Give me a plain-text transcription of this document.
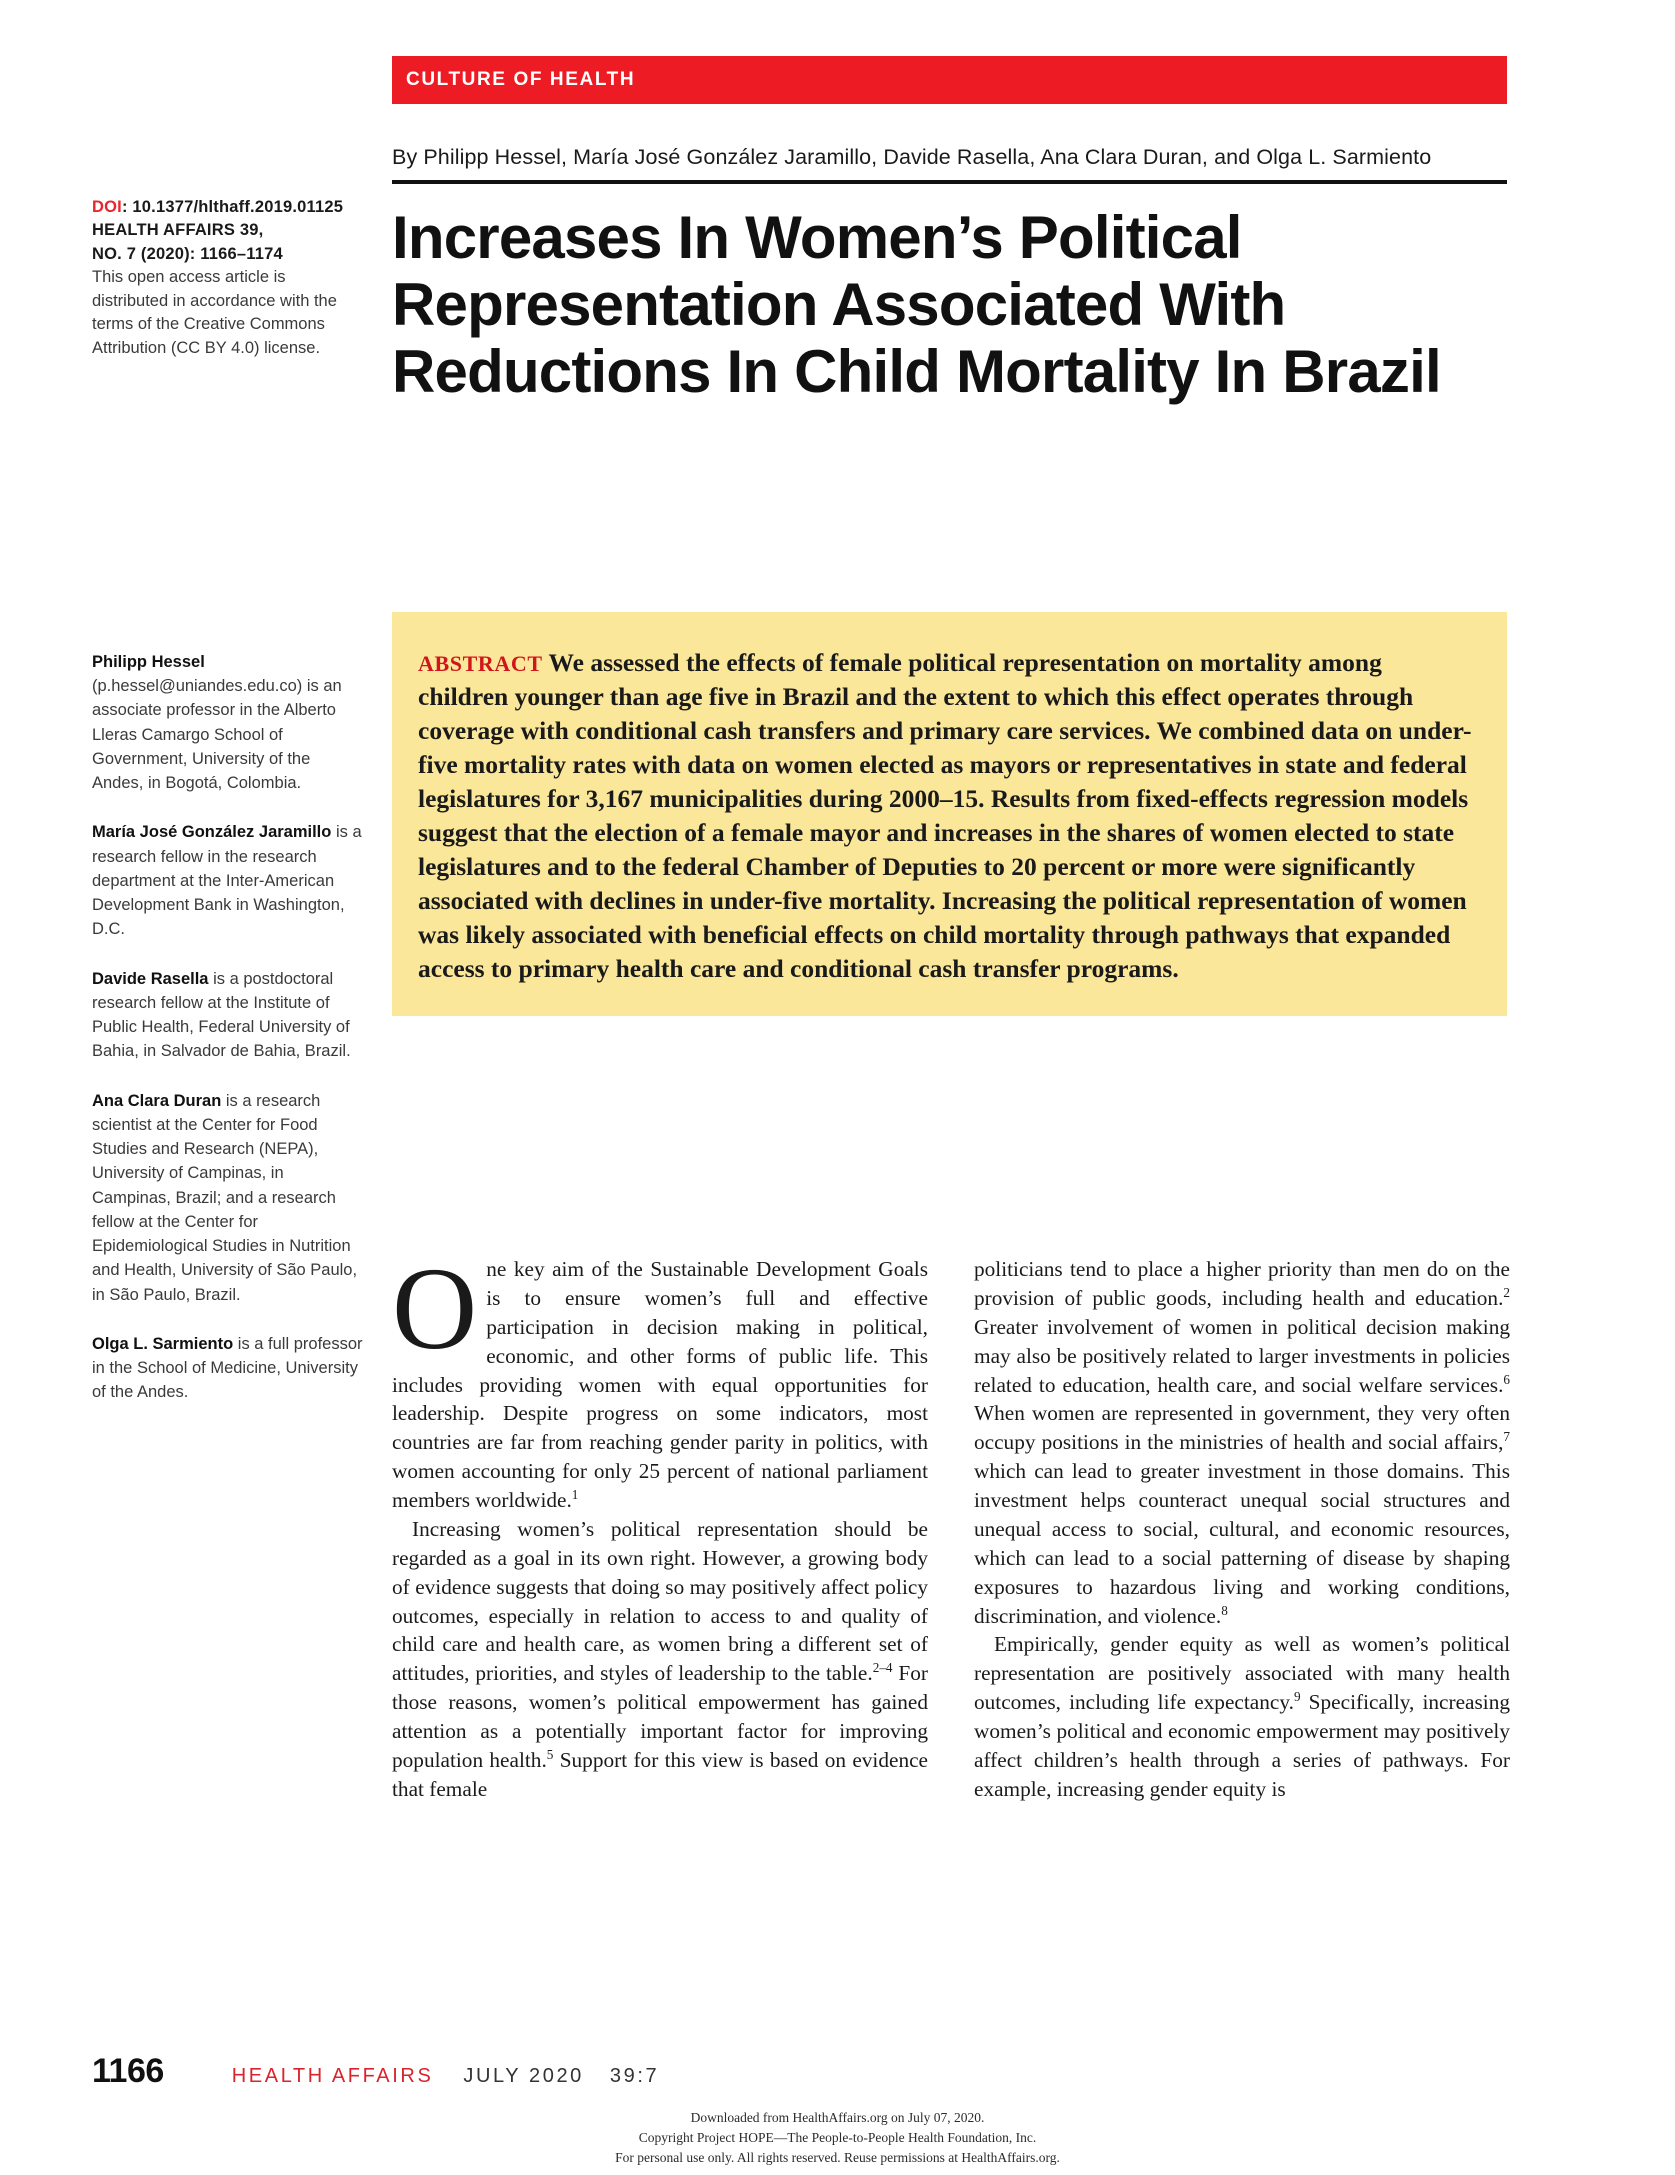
DOI: 10.1377/hlthaff.2019.01125
HEALTH AFFAIRS 39,
NO. 7 (2020): 1166–1174
This open access article is distributed in accordance with the terms of the Creative Commons Attribution (CC BY 4.0) license.
Philipp Hessel (p.hessel@uniandes.edu.co) is an associate professor in the Alberto Lleras Camargo School of Government, University of the Andes, in Bogotá, Colombia.
María José González Jaramillo is a research fellow in the research department at the Inter-American Development Bank in Washington, D.C.
Davide Rasella is a postdoctoral research fellow at the Institute of Public Health, Federal University of Bahia, in Salvador de Bahia, Brazil.
Ana Clara Duran is a research scientist at the Center for Food Studies and Research (NEPA), University of Campinas, in Campinas, Brazil; and a research fellow at the Center for Epidemiological Studies in Nutrition and Health, University of São Paulo, in São Paulo, Brazil.
Olga L. Sarmiento is a full professor in the School of Medicine, University of the Andes.
CULTURE OF HEALTH
By Philipp Hessel, María José González Jaramillo, Davide Rasella, Ana Clara Duran, and Olga L. Sarmiento
Increases In Women’s Political Representation Associated With Reductions In Child Mortality In Brazil
ABSTRACT We assessed the effects of female political representation on mortality among children younger than age five in Brazil and the extent to which this effect operates through coverage with conditional cash transfers and primary care services. We combined data on under-five mortality rates with data on women elected as mayors or representatives in state and federal legislatures for 3,167 municipalities during 2000–15. Results from fixed-effects regression models suggest that the election of a female mayor and increases in the shares of women elected to state legislatures and to the federal Chamber of Deputies to 20 percent or more were significantly associated with declines in under-five mortality. Increasing the political representation of women was likely associated with beneficial effects on child mortality through pathways that expanded access to primary health care and conditional cash transfer programs.

One key aim of the Sustainable Development Goals is to ensure women’s full and effective participation in decision making in political, economic, and other forms of public life. This includes providing women with equal opportunities for leadership. Despite progress on some indicators, most countries are far from reaching gender parity in politics, with women accounting for only 25 percent of national parliament members worldwide.$^1$

Increasing women’s political representation should be regarded as a goal in its own right. However, a growing body of evidence suggests that doing so may positively affect policy outcomes, especially in relation to access to and quality of child care and health care, as women bring a different set of attitudes, priorities, and styles of leadership to the table.$^{2-4}$ For those reasons, women’s political empowerment has gained attention as a potentially important factor for improving population health.$^5$ Support for this view is based on evidence that female

politicians tend to place a higher priority than men do on the provision of public goods, including health and education.$^2$ Greater involvement of women in political decision making may also be positively related to larger investments in policies related to education, health care, and social welfare services.$^6$ When women are represented in government, they very often occupy positions in the ministries of health and social affairs,$^7$ which can lead to greater investment in those domains. This investment helps counteract unequal social structures and unequal access to social, cultural, and economic resources, which can lead to a social patterning of disease by shaping exposures to hazardous living and working conditions, discrimination, and violence.$^8$

Empirically, gender equity as well as women’s political representation are positively associated with many health outcomes, including life expectancy.$^9$ Specifically, increasing women’s political and economic empowerment may positively affect children’s health through a series of pathways. For example, increasing gender equity is

1166	HEALTH AFFAIRS JULY 2020 39:7
Downloaded from HealthAffairs.org on July 07, 2020.
Copyright Project HOPE—The People-to-People Health Foundation, Inc.
For personal use only. All rights reserved. Reuse permissions at HealthAffairs.org.
